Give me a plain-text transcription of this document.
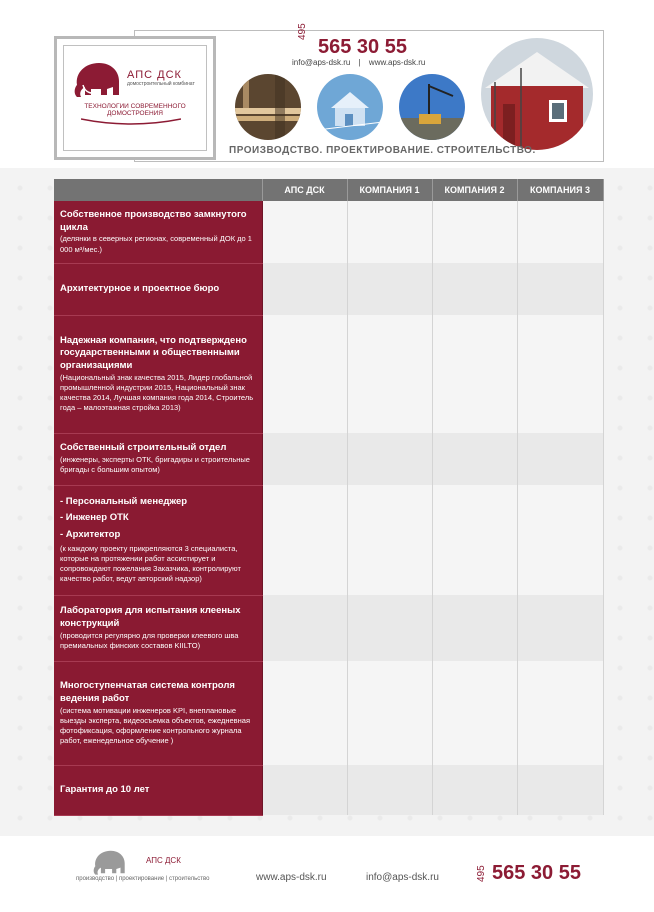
АПС ДСК
домостроительный комбинат
ТЕХНОЛОГИИ СОВРЕМЕННОГО ДОМОСТРОЕНИЯ
495
565 30 55
info@aps-dsk.ru | www.aps-dsk.ru
ПРОИЗВОДСТВО. ПРОЕКТИРОВАНИЕ. СТРОИТЕЛЬСТВО.
	АПС ДСК	КОМПАНИЯ 1	КОМПАНИЯ 2	КОМПАНИЯ 3

Собственное производство замкнутого цикла
(делянки в северных регионах, современный ДОК до 1 000 м³/мес.)				

Архитектурное и проектное бюро				

Надежная компания, что подтверждено государственными и общественными организациями
(Национальный знак качества 2015, Лидер глобальной промышленной индустрии 2015, Национальный знак качества 2014, Лучшая компания года 2014, Строитель года – малоэтажная стройка 2013)				

Собственный строительный отдел
(инженеры, эксперты ОТК, бригадиры и строительные бригады с большим опытом)				

- Персональный менеджер
- Инженер ОТК
- Архитектор
(к каждому проекту прикрепляются 3 специалиста, которые на протяжении работ ассистирует и сопровождают пожелания Заказчика, контролируют качество работ, ведут авторский надзор)				

Лаборатория для испытания клееных конструкций
(проводится регулярно для проверки клеевого шва премиальных финских составов KIILTO)				

Многоступенчатая система контроля ведения работ
(система мотивации инженеров KPI, внеплановые выезды эксперта, видеосъемка объектов, ежедневная фотофиксация, оформление контрольного журнала работ, еженедельное обучение )				

Гарантия до 10 лет				

АПС ДСК
производство | проектирование | строительство	www.aps-dsk.ru	info@aps-dsk.ru	495 565 30 55
